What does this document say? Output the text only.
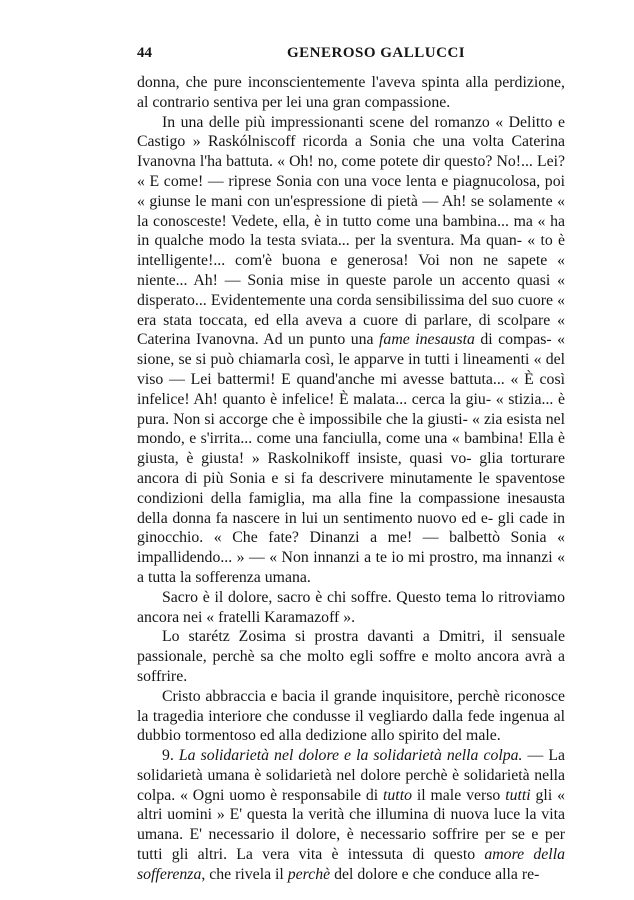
44	GENEROSO GALLUCCI

donna, che pure inconscientemente l'aveva spinta alla perdizione, al contrario sentiva per lei una gran compassione.

In una delle più impressionanti scene del romanzo « Delitto e Castigo » Raskólniscoff ricorda a Sonia che una volta Caterina Ivanovna l'ha battuta. « Oh! no, come potete dir questo? No!... Lei? « E come! — riprese Sonia con una voce lenta e piagnucolosa, poi « giunse le mani con un'espressione di pietà — Ah! se solamente « la conosceste! Vedete, ella, è in tutto come una bambina... ma « ha in qualche modo la testa sviata... per la sventura. Ma quan- « to è intelligente!... com'è buona e generosa! Voi non ne sapete « niente... Ah! — Sonia mise in queste parole un accento quasi « disperato... Evidentemente una corda sensibilissima del suo cuore « era stata toccata, ed ella aveva a cuore di parlare, di scolpare « Caterina Ivanovna. Ad un punto una fame inesausta di compas- « sione, se si può chiamarla così, le apparve in tutti i lineamenti « del viso — Lei battermi! E quand'anche mi avesse battuta... « È così infelice! Ah! quanto è infelice! È malata... cerca la giu- « stizia... è pura. Non si accorge che è impossibile che la giusti- « zia esista nel mondo, e s'irrita... come una fanciulla, come una « bambina! Ella è giusta, è giusta! » Raskolnikoff insiste, quasi vo- glia torturare ancora di più Sonia e si fa descrivere minutamente le spaventose condizioni della famiglia, ma alla fine la compassione inesausta della donna fa nascere in lui un sentimento nuovo ed e- gli cade in ginocchio. « Che fate? Dinanzi a me! — balbettò Sonia « impallidendo... » — « Non innanzi a te io mi prostro, ma innanzi « a tutta la sofferenza umana.

Sacro è il dolore, sacro è chi soffre. Questo tema lo ritroviamo ancora nei « fratelli Karamazoff ».

Lo starétz Zosima si prostra davanti a Dmitri, il sensuale passionale, perchè sa che molto egli soffre e molto ancora avrà a soffrire.

Cristo abbraccia e bacia il grande inquisitore, perchè riconosce la tragedia interiore che condusse il vegliardo dalla fede ingenua al dubbio tormentoso ed alla dedizione allo spirito del male.

9. La solidarietà nel dolore e la solidarietà nella colpa. — La solidarietà umana è solidarietà nel dolore perchè è solidarietà nella colpa. « Ogni uomo è responsabile di tutto il male verso tutti gli « altri uomini » E' questa la verità che illumina di nuova luce la vita umana. E' necessario il dolore, è necessario soffrire per se e per tutti gli altri. La vera vita è intessuta di questo amore della sofferenza, che rivela il perchè del dolore e che conduce alla re-
